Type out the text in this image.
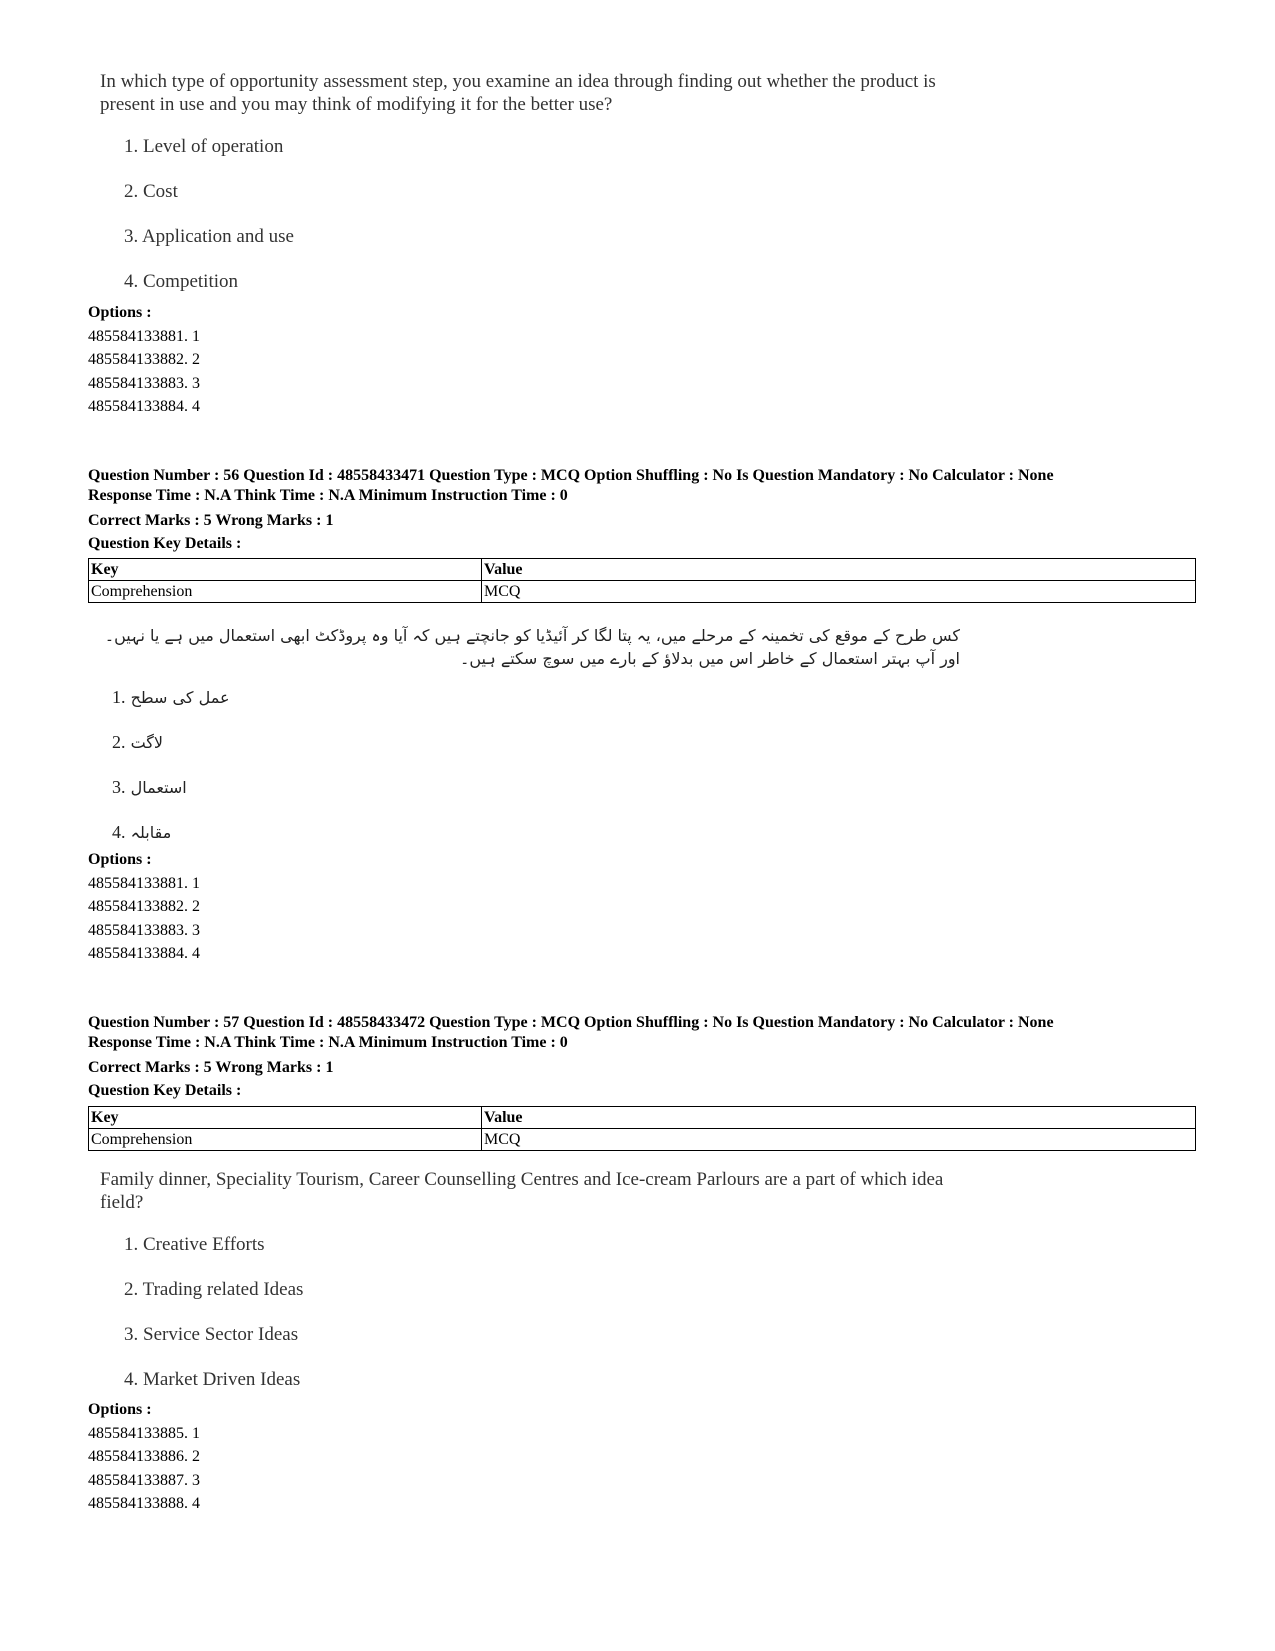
In which type of opportunity assessment step, you examine an idea through finding out whether the product is present in use and you may think of modifying it for the better use?

1. Level of operation
2. Cost
3. Application and use
4. Competition
Options :
485584133881. 1
485584133882. 2
485584133883. 3
485584133884. 4
Question Number : 56 Question Id : 48558433471 Question Type : MCQ Option Shuffling : No Is Question Mandatory : No Calculator : None
Response Time : N.A Think Time : N.A Minimum Instruction Time : 0
Correct Marks : 5 Wrong Marks : 1
Question Key Details :
Key	Value
Comprehension	MCQ
کس طرح کے موقع کی تخمینہ کے مرحلے میں، یہ پتا لگا کر آئیڈیا کو جانچتے ہیں کہ آیا وہ پروڈکٹ ابھی استعمال میں ہے یا نہیں۔ اور آپ بہتر استعمال کے خاطر اس میں بدلاؤ کے بارے میں سوچ سکتے ہیں۔
1. عمل کی سطح
2. لاگت
3. استعمال
4. مقابلہ
Options :
485584133881. 1
485584133882. 2
485584133883. 3
485584133884. 4
Question Number : 57 Question Id : 48558433472 Question Type : MCQ Option Shuffling : No Is Question Mandatory : No Calculator : None
Response Time : N.A Think Time : N.A Minimum Instruction Time : 0
Correct Marks : 5 Wrong Marks : 1
Question Key Details :
Key	Value
Comprehension	MCQ

Family dinner, Speciality Tourism, Career Counselling Centres and Ice-cream Parlours are a part of which idea field?

1. Creative Efforts
2. Trading related Ideas
3. Service Sector Ideas
4. Market Driven Ideas
Options :
485584133885. 1
485584133886. 2
485584133887. 3
485584133888. 4
